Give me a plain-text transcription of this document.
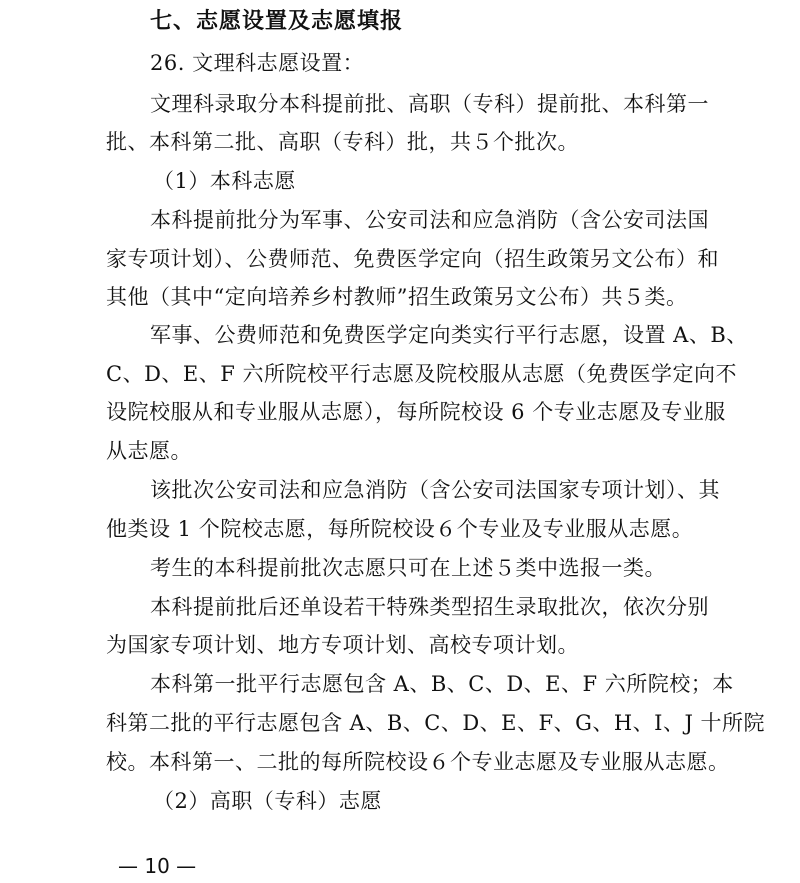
七、志愿设置及志愿填报
26. 文理科志愿设置：
文理科录取分本科提前批、高职（专科）提前批、本科第一
批、本科第二批、高职（专科）批，共５个批次。
（1）本科志愿
本科提前批分为军事、公安司法和应急消防（含公安司法国
家专项计划）、公费师范、免费医学定向（招生政策另文公布）和
其他（其中“定向培养乡村教师”招生政策另文公布）共５类。
军事、公费师范和免费医学定向类实行平行志愿，设置 A、B、
C、D、E、F 六所院校平行志愿及院校服从志愿（免费医学定向不
设院校服从和专业服从志愿），每所院校设 6 个专业志愿及专业服
从志愿。
该批次公安司法和应急消防（含公安司法国家专项计划）、其
他类设 1 个院校志愿，每所院校设６个专业及专业服从志愿。
考生的本科提前批次志愿只可在上述５类中选报一类。
本科提前批后还单设若干特殊类型招生录取批次，依次分别
为国家专项计划、地方专项计划、高校专项计划。
本科第一批平行志愿包含 A、B、C、D、E、F 六所院校；本
科第二批的平行志愿包含 A、B、C、D、E、F、G、H、I、J 十所院
校。本科第一、二批的每所院校设６个专业志愿及专业服从志愿。
（2）高职（专科）志愿
— 10 —
